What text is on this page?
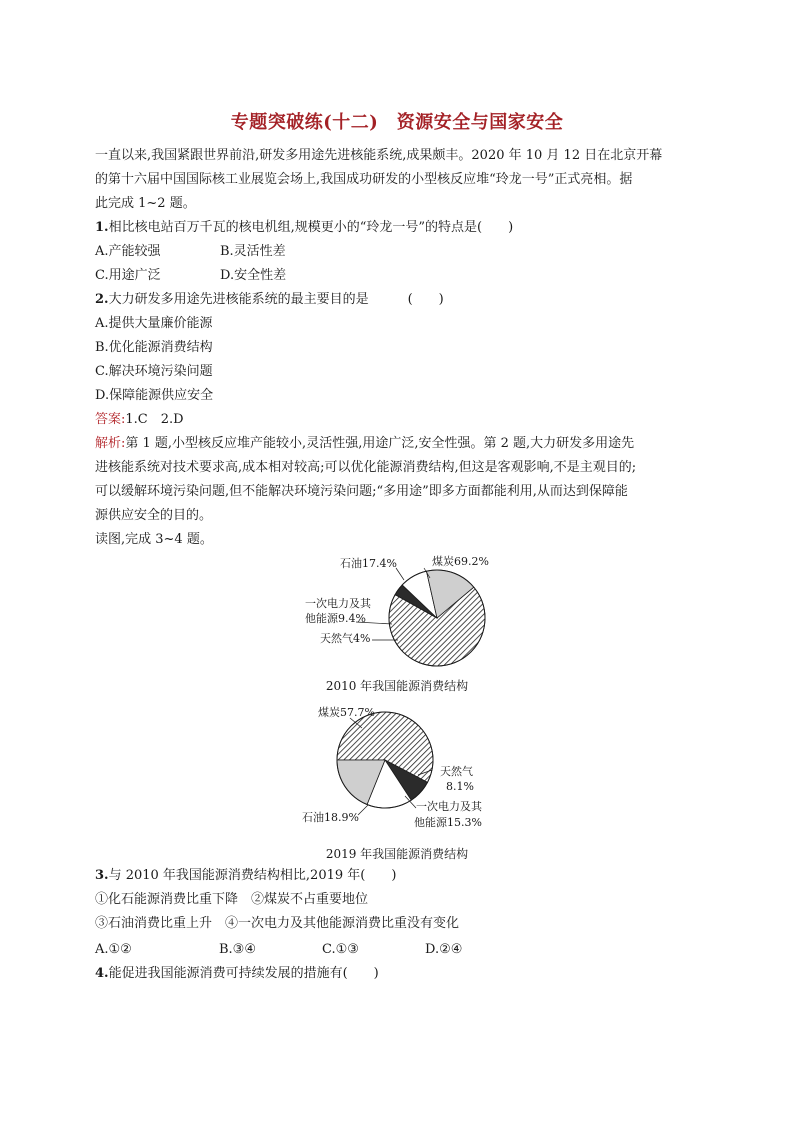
专题突破练(十二)　资源安全与国家安全
一直以来,我国紧跟世界前沿,研发多用途先进核能系统,成果颇丰。2020 年 10 月 12 日在北京开幕
的第十六届中国国际核工业展览会场上,我国成功研发的小型核反应堆“玲龙一号”正式亮相。据
此完成 1~2 题。
1.相比核电站百万千瓦的核电机组,规模更小的“玲龙一号”的特点是(　　)
A.产能较强	B.灵活性差
C.用途广泛	D.安全性差
2.大力研发多用途先进核能系统的最主要目的是　　　(　　)
A.提供大量廉价能源
B.优化能源消费结构
C.解决环境污染问题
D.保障能源供应安全
答案:1.C　2.D
解析:第 1 题,小型核反应堆产能较小,灵活性强,用途广泛,安全性强。第 2 题,大力研发多用途先
进核能系统对技术要求高,成本相对较高;可以优化能源消费结构,但这是客观影响,不是主观目的;
可以缓解环境污染问题,但不能解决环境污染问题;“多用途”即多方面都能利用,从而达到保障能
源供应安全的目的。
读图,完成 3~4 题。
石油17.4%	煤炭69.2%
一次电力及其
他能源9.4%
天然气4%
煤炭57.7%
天然气
8.1%
一次电力及其
他能源15.3%
石油18.9%
2010 年我国能源消费结构
2019 年我国能源消费结构
3.与 2010 年我国能源消费结构相比,2019 年(　　)
①化石能源消费比重下降　②煤炭不占重要地位
③石油消费比重上升　④一次电力及其他能源消费比重没有变化
A.①②	B.③④	C.①③	D.②④
4.能促进我国能源消费可持续发展的措施有(　　)
